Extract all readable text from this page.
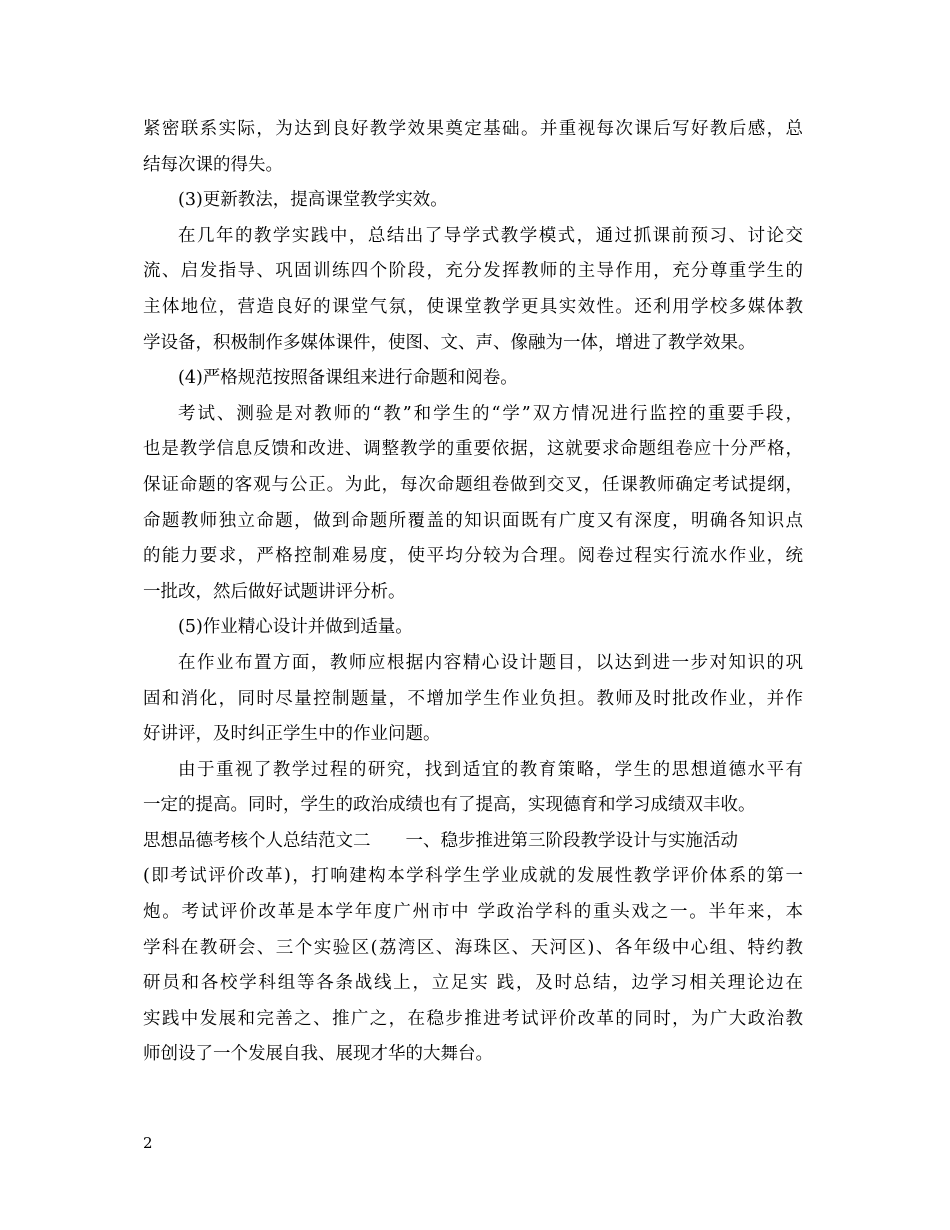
紧密联系实际，为达到良好教学效果奠定基础。并重视每次课后写好教后感，总
结每次课的得失。
(3)更新教法，提高课堂教学实效。
在几年的教学实践中，总结出了导学式教学模式，通过抓课前预习、讨论交
流、启发指导、巩固训练四个阶段，充分发挥教师的主导作用，充分尊重学生的
主体地位，营造良好的课堂气氛，使课堂教学更具实效性。还利用学校多媒体教
学设备，积极制作多媒体课件，使图、文、声、像融为一体，增进了教学效果。
(4)严格规范按照备课组来进行命题和阅卷。
考试、测验是对教师的“教”和学生的“学”双方情况进行监控的重要手段，
也是教学信息反馈和改进、调整教学的重要依据，这就要求命题组卷应十分严格，
保证命题的客观与公正。为此，每次命题组卷做到交叉，任课教师确定考试提纲，
命题教师独立命题，做到命题所覆盖的知识面既有广度又有深度，明确各知识点
的能力要求，严格控制难易度，使平均分较为合理。阅卷过程实行流水作业，统
一批改，然后做好试题讲评分析。
(5)作业精心设计并做到适量。
在作业布置方面，教师应根据内容精心设计题目，以达到进一步对知识的巩
固和消化，同时尽量控制题量，不增加学生作业负担。教师及时批改作业，并作
好讲评，及时纠正学生中的作业问题。
由于重视了教学过程的研究，找到适宜的教育策略，学生的思想道德水平有
一定的提高。同时，学生的政治成绩也有了提高，实现德育和学习成绩双丰收。
思想品德考核个人总结范文二　　一、稳步推进第三阶段教学设计与实施活动
(即考试评价改革)，打响建构本学科学生学业成就的发展性教学评价体系的第一
炮。考试评价改革是本学年度广州市中 学政治学科的重头戏之一。半年来，本
学科在教研会、三个实验区(荔湾区、海珠区、天河区)、各年级中心组、特约教
研员和各校学科组等各条战线上，立足实 践，及时总结，边学习相关理论边在
实践中发展和完善之、推广之，在稳步推进考试评价改革的同时，为广大政治教
师创设了一个发展自我、展现才华的大舞台。
2
